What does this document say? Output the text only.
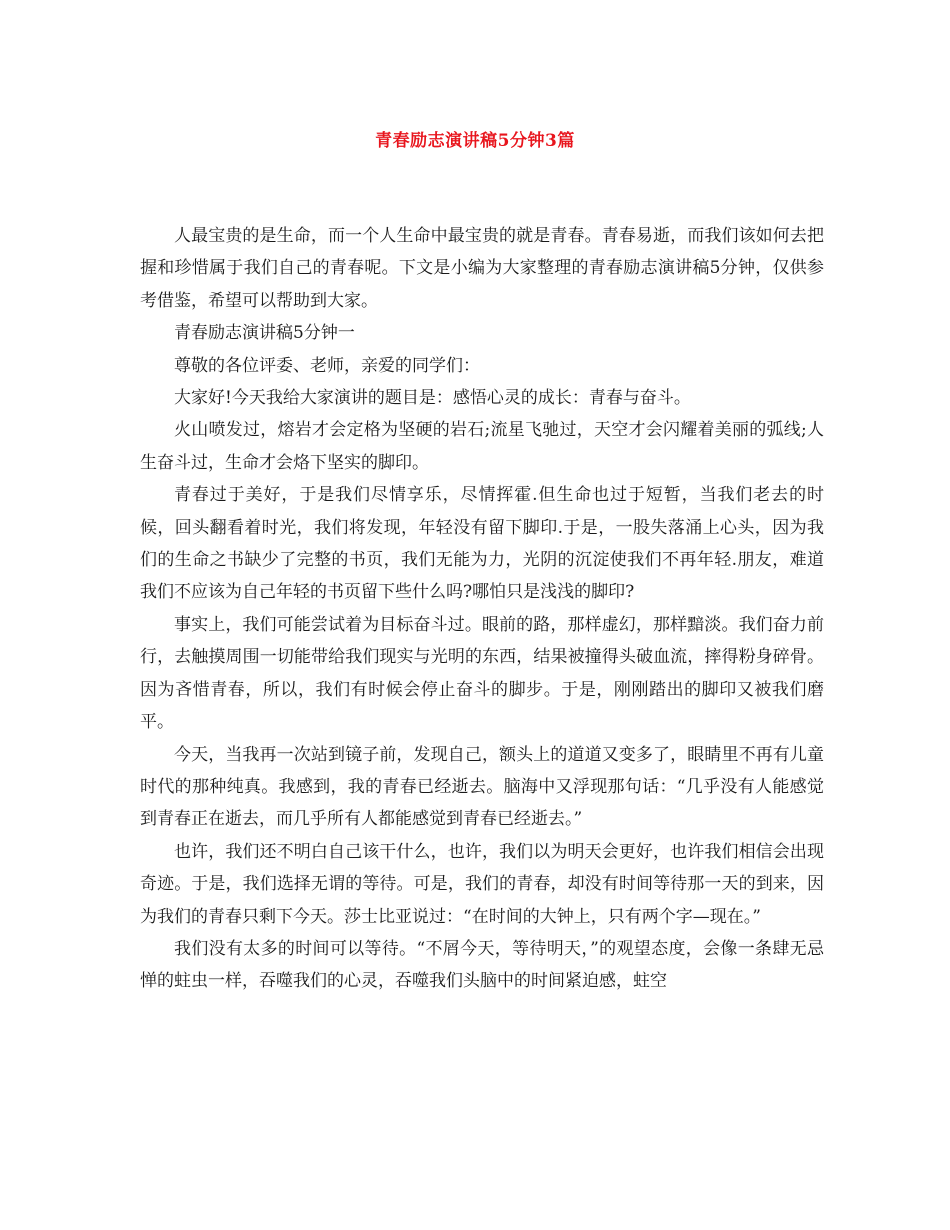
青春励志演讲稿5分钟3篇

人最宝贵的是生命，而一个人生命中最宝贵的就是青春。青春易逝，而我们该如何去把握和珍惜属于我们自己的青春呢。下文是小编为大家整理的青春励志演讲稿5分钟，仅供参考借鉴，希望可以帮助到大家。

青春励志演讲稿5分钟一

尊敬的各位评委、老师，亲爱的同学们：

大家好!今天我给大家演讲的题目是：感悟心灵的成长：青春与奋斗。

火山喷发过，熔岩才会定格为坚硬的岩石;流星飞驰过，天空才会闪耀着美丽的弧线;人生奋斗过，生命才会烙下坚实的脚印。

青春过于美好，于是我们尽情享乐，尽情挥霍.但生命也过于短暂，当我们老去的时候，回头翻看着时光，我们将发现，年轻没有留下脚印.于是，一股失落涌上心头，因为我们的生命之书缺少了完整的书页，我们无能为力，光阴的沉淀使我们不再年轻.朋友，难道我们不应该为自己年轻的书页留下些什么吗?哪怕只是浅浅的脚印?

事实上，我们可能尝试着为目标奋斗过。眼前的路，那样虚幻，那样黯淡。我们奋力前行，去触摸周围一切能带给我们现实与光明的东西，结果被撞得头破血流，摔得粉身碎骨。因为吝惜青春，所以，我们有时候会停止奋斗的脚步。于是，刚刚踏出的脚印又被我们磨平。

今天，当我再一次站到镜子前，发现自己，额头上的道道又变多了，眼睛里不再有儿童时代的那种纯真。我感到，我的青春已经逝去。脑海中又浮现那句话：“几乎没有人能感觉到青春正在逝去，而几乎所有人都能感觉到青春已经逝去。”

也许，我们还不明白自己该干什么，也许，我们以为明天会更好，也许我们相信会出现奇迹。于是，我们选择无谓的等待。可是，我们的青春，却没有时间等待那一天的到来，因为我们的青春只剩下今天。莎士比亚说过：“在时间的大钟上，只有两个字—现在。”

我们没有太多的时间可以等待。“不屑今天，等待明天，”的观望态度，会像一条肆无忌惮的蛀虫一样，吞噬我们的心灵，吞噬我们头脑中的时间紧迫感，蛀空
